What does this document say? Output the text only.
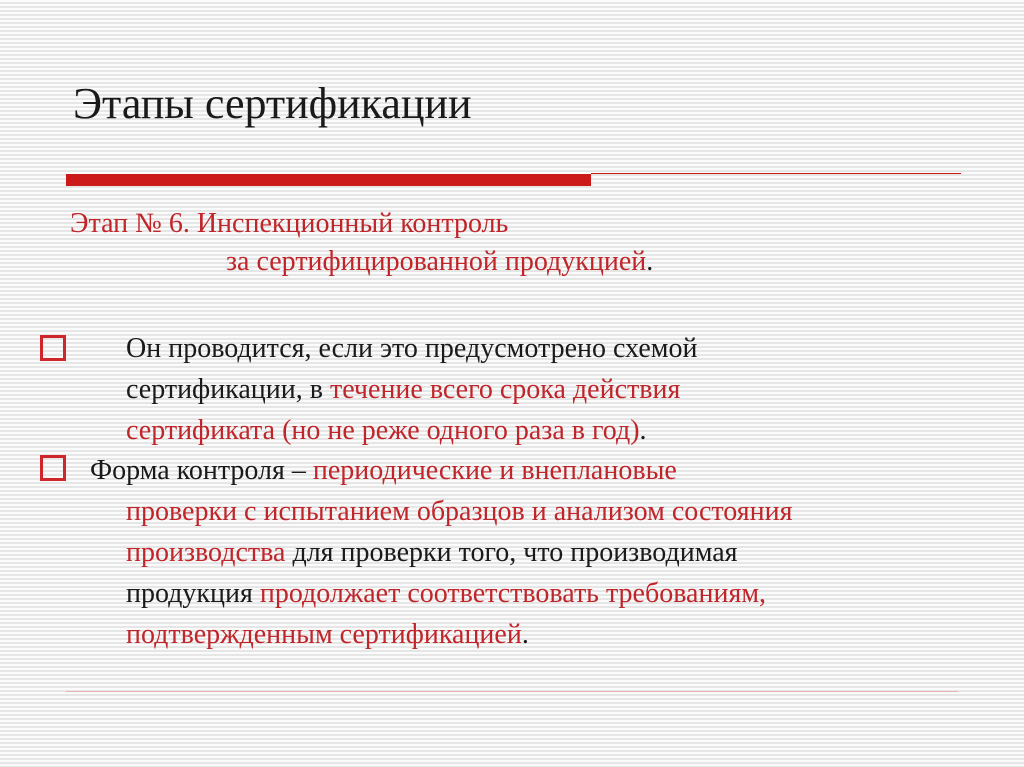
Этапы сертификации
Этап № 6. Инспекционный контроль
за сертифицированной продукцией.
Он проводится, если это предусмотрено схемой
сертификации, в течение всего срока действия
сертификата (но не реже одного раза в год).
Форма контроля – периодические и внеплановые
проверки с испытанием образцов и анализом состояния
производства для проверки того, что производимая
продукция продолжает соответствовать требованиям,
подтвержденным сертификацией.
